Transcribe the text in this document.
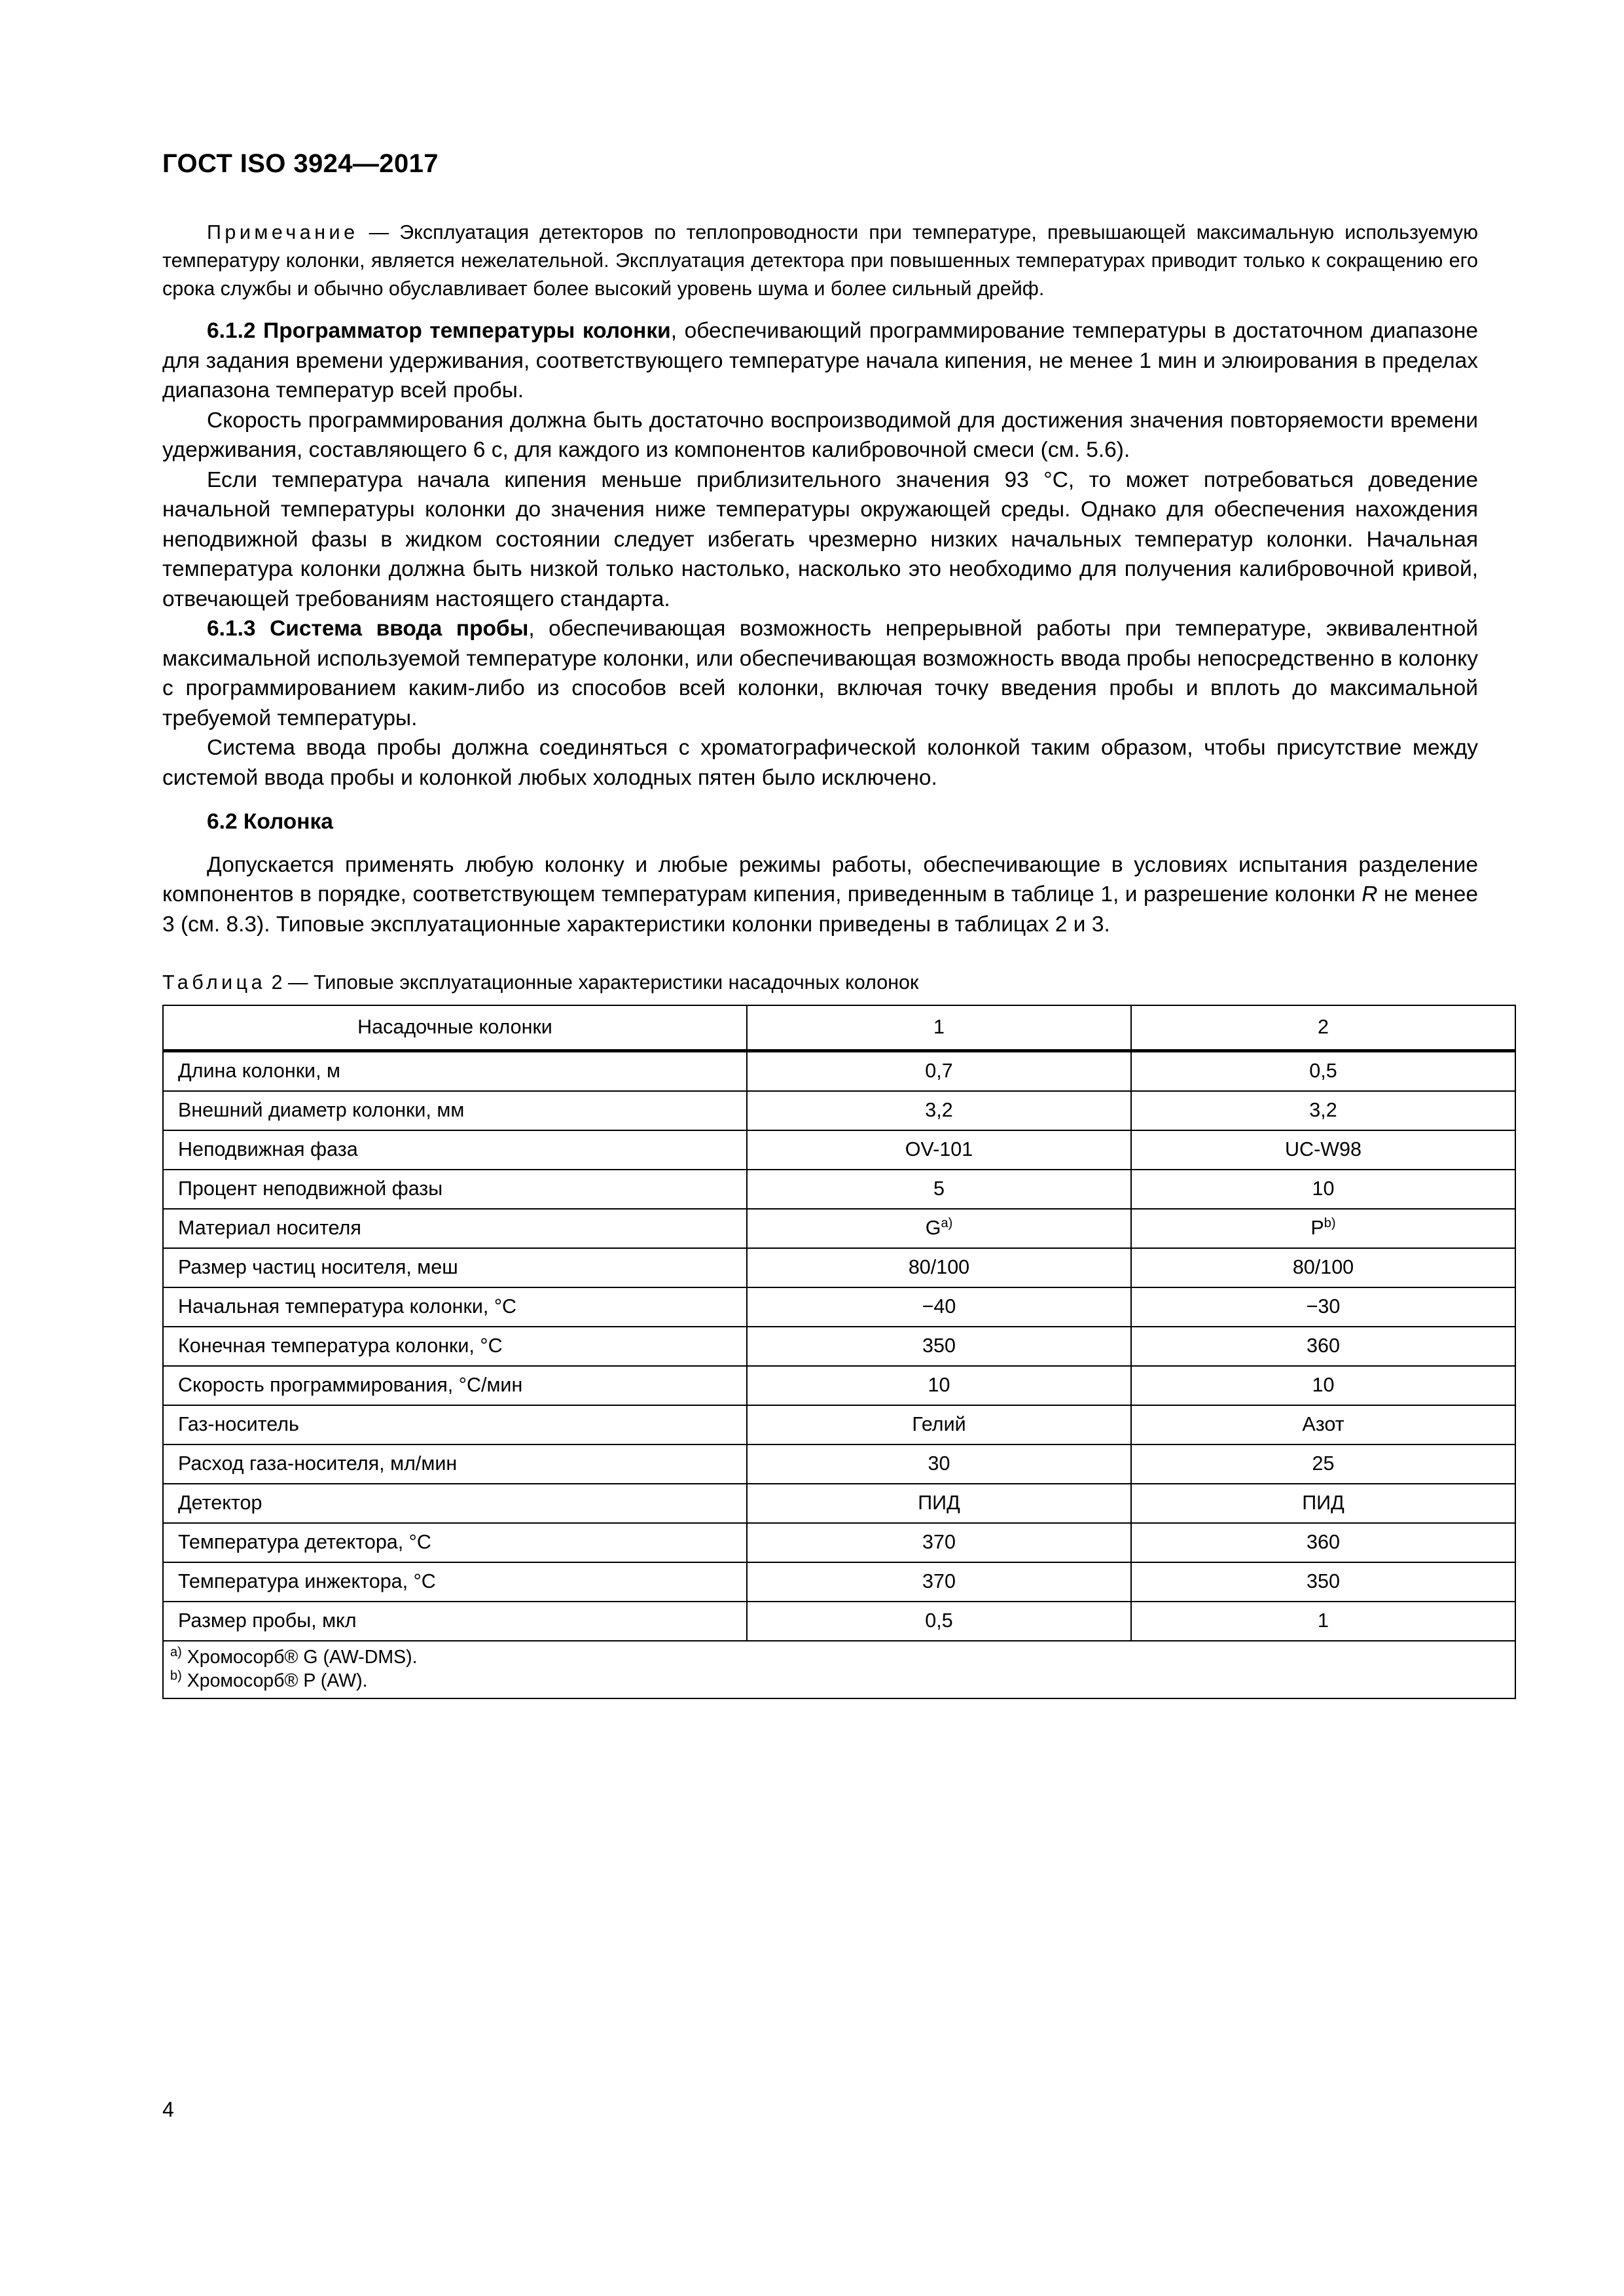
ГОСТ ISO 3924—2017

Примечание — Эксплуатация детекторов по теплопроводности при температуре, превышающей максимальную используемую температуру колонки, является нежелательной. Эксплуатация детектора при повышенных температурах приводит только к сокращению его срока службы и обычно обуславливает более высокий уровень шума и более сильный дрейф.

6.1.2 Программатор температуры колонки, обеспечивающий программирование температуры в достаточном диапазоне для задания времени удерживания, соответствующего температуре начала кипения, не менее 1 мин и элюирования в пределах диапазона температур всей пробы.

Скорость программирования должна быть достаточно воспроизводимой для достижения значения повторяемости времени удерживания, составляющего 6 с, для каждого из компонентов калибровочной смеси (см. 5.6).

Если температура начала кипения меньше приблизительного значения 93 °C, то может потребоваться доведение начальной температуры колонки до значения ниже температуры окружающей среды. Однако для обеспечения нахождения неподвижной фазы в жидком состоянии следует избегать чрезмерно низких начальных температур колонки. Начальная температура колонки должна быть низкой только настолько, насколько это необходимо для получения калибровочной кривой, отвечающей требованиям настоящего стандарта.

6.1.3 Система ввода пробы, обеспечивающая возможность непрерывной работы при температуре, эквивалентной максимальной используемой температуре колонки, или обеспечивающая возможность ввода пробы непосредственно в колонку с программированием каким-либо из способов всей колонки, включая точку введения пробы и вплоть до максимальной требуемой температуры.

Система ввода пробы должна соединяться с хроматографической колонкой таким образом, чтобы присутствие между системой ввода пробы и колонкой любых холодных пятен было исключено.

6.2 Колонка

Допускается применять любую колонку и любые режимы работы, обеспечивающие в условиях испытания разделение компонентов в порядке, соответствующем температурам кипения, приведенным в таблице 1, и разрешение колонки R не менее 3 (см. 8.3). Типовые эксплуатационные характеристики колонки приведены в таблицах 2 и 3.

Таблица 2 — Типовые эксплуатационные характеристики насадочных колонок
Насадочные колонки	1	2
Длина колонки, м	0,7	0,5
Внешний диаметр колонки, мм	3,2	3,2
Неподвижная фаза	OV-101	UC-W98
Процент неподвижной фазы	5	10
Материал носителя	$G^{a)}$	$P^{b)}$
Размер частиц носителя, меш	80/100	80/100
Начальная температура колонки, °C	−40	−30
Конечная температура колонки, °C	350	360
Скорость программирования, °C/мин	10	10
Газ-носитель	Гелий	Азот
Расход газа-носителя, мл/мин	30	25
Детектор	ПИД	ПИД
Температура детектора, °C	370	360
Температура инжектора, °C	370	350
Размер пробы, мкл	0,5	1

$^{a)}$ Хромосорб® G (AW-DMS).
$^{b)}$ Хромосорб® P (AW).		
4
